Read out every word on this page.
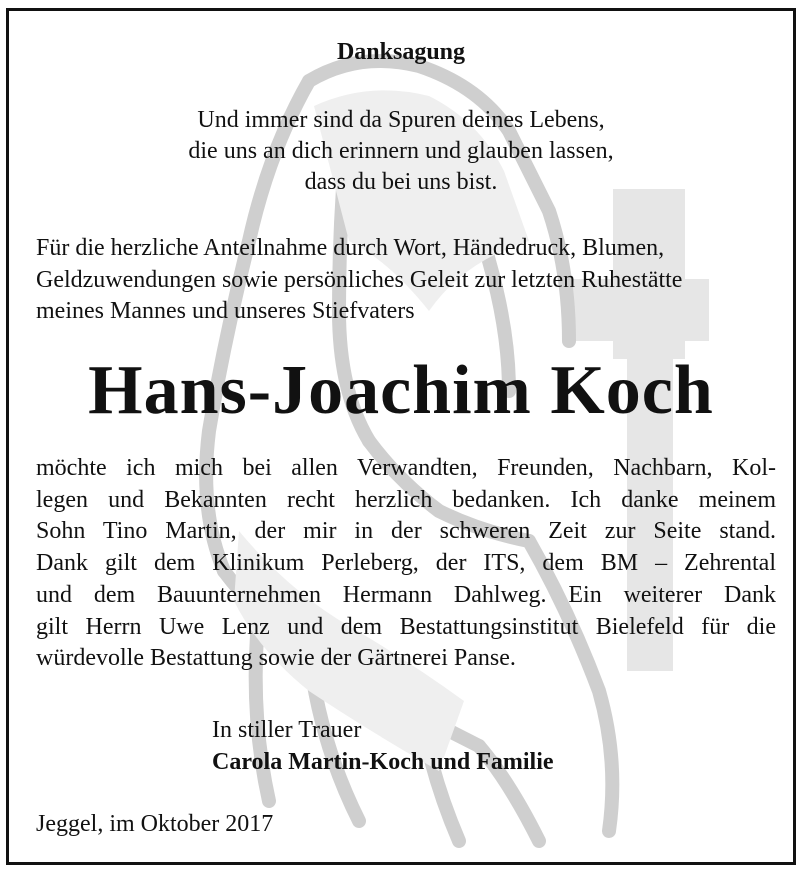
Danksagung
Und immer sind da Spuren deines Lebens,
die uns an dich erinnern und glauben lassen,
dass du bei uns bist.
Für die herzliche Anteilnahme durch Wort, Händedruck, Blumen,
Geldzuwendungen sowie persönliches Geleit zur letzten Ruhestätte
meines Mannes und unseres Stiefvaters
Hans-Joachim Koch
möchte ich mich bei allen Verwandten, Freunden, Nachbarn, Kol-
legen und Bekannten recht herzlich bedanken. Ich danke meinem
Sohn Tino Martin, der mir in der schweren Zeit zur Seite stand.
Dank gilt dem Klinikum Perleberg, der ITS, dem BM – Zehrental
und dem Bauunternehmen Hermann Dahlweg. Ein weiterer Dank
gilt Herrn Uwe Lenz und dem Bestattungsinstitut Bielefeld für die
würdevolle Bestattung sowie der Gärtnerei Panse.
In stiller Trauer
Carola Martin-Koch und Familie
Jeggel, im Oktober 2017
